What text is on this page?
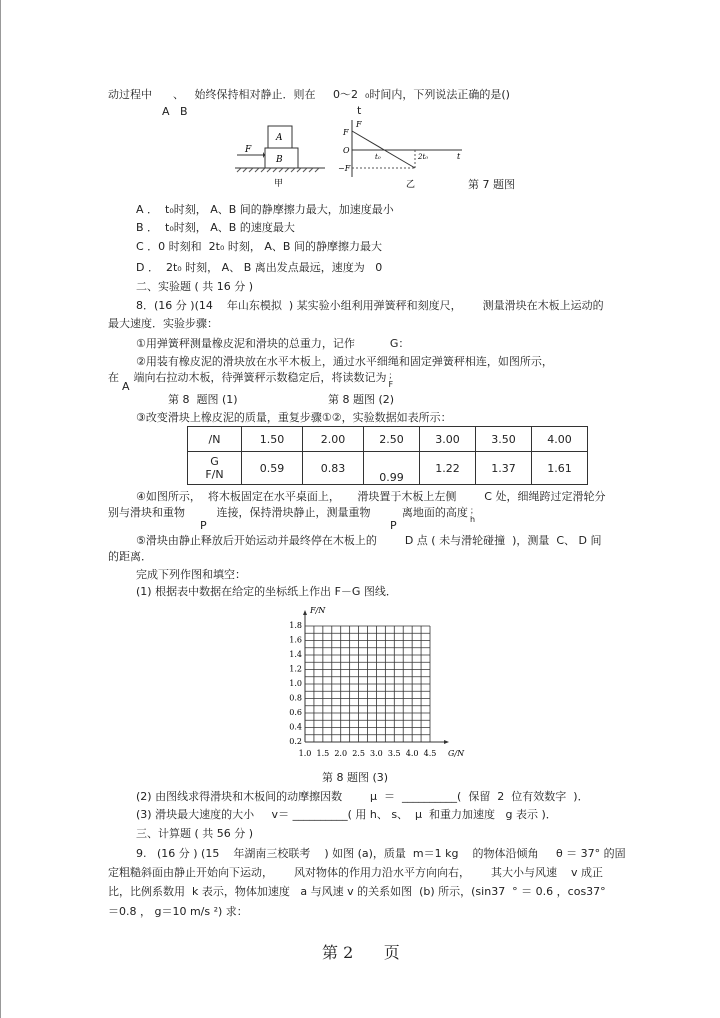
动过程中      、   始终保持相对静止．则在     0～2  ₀时间内，下列说法正确的是()
A   B	t
A
B
F
甲
F
F
O
−F
t₀	2t₀	t
乙	第 7 题图
A ．  t₀时刻， A、B 间的静摩擦力最大，加速度最小
B ．  t₀时刻， A、B 的速度最大
C ．0 时刻和  2t₀ 时刻， A、B 间的静摩擦力最大
D ．  2t₀ 时刻， A、 B 离出发点最远，速度为   0
二、实验题 ( 共 16 分 )
8．(16 分 )(14    年山东模拟  ) 某实验小组利用弹簧秤和刻度尺，      测量滑块在木板上运动的
最大速度．实验步骤：
①用弹簧秤测量橡皮泥和滑块的总重力，记作          G：
②用装有橡皮泥的滑块放在水平木板上，通过水平细绳和固定弹簧秤相连，如图所示，
在A端向右拉动木板，待弹簧秤示数稳定后，将读数记为 ；
F
第 8  题图 (1)	第 8 题图 (2)
③改变滑块上橡皮泥的质量，重复步骤①②，实验数据如表所示：
/N	1.50	2.00	2.50	3.00	3.50	4.00

G
F/N	0.59	0.83	0.99	1.22	1.37	1.61
④如图所示，  将木板固定在水平桌面上，     滑块置于木板上左侧        C 处，细绳跨过定滑轮分
别与滑块和重物         连接，保持滑块静止，测量重物         离地面的高度 ；
h
P	P
⑤滑块由静止释放后开始运动并最终停在木板上的        D 点 ( 未与滑轮碰撞  )，测量  C、 D 间
的距离．
完成下列作图和填空：
(1) 根据表中数据在给定的坐标纸上作出 F－G 图线．
0.2
0.4
0.6
0.8
1.0
1.2
1.4
1.6
1.8
1.0 1.5 2.0 2.5 3.0 3.5 4.0 4.5
F/N
G/N
第 8 题图 (3)
(2) 由图线求得滑块和木板间的动摩擦因数        μ  ＝  __________(  保留  2  位有效数字  )．
(3) 滑块最大速度的大小     v＝ __________( 用 h、 s、  μ  和重力加速度   g 表示 )．
三、计算题 ( 共 56 分 )
9.   (16 分 ) (15    年湖南三校联考    ) 如图 (a)，质量  m＝1 kg    的物体沿倾角     θ ＝ 37° 的固
定粗糙斜面由静止开始向下运动，      风对物体的作用力沿水平方向向右，      其大小与风速    v 成正
比，比例系数用  k 表示，物体加速度   a 与风速 v 的关系如图  (b) 所示，(sin37  ° ＝ 0.6 ，cos37°
＝0.8 ， g＝10 m/s ²) 求：
第 2      页
